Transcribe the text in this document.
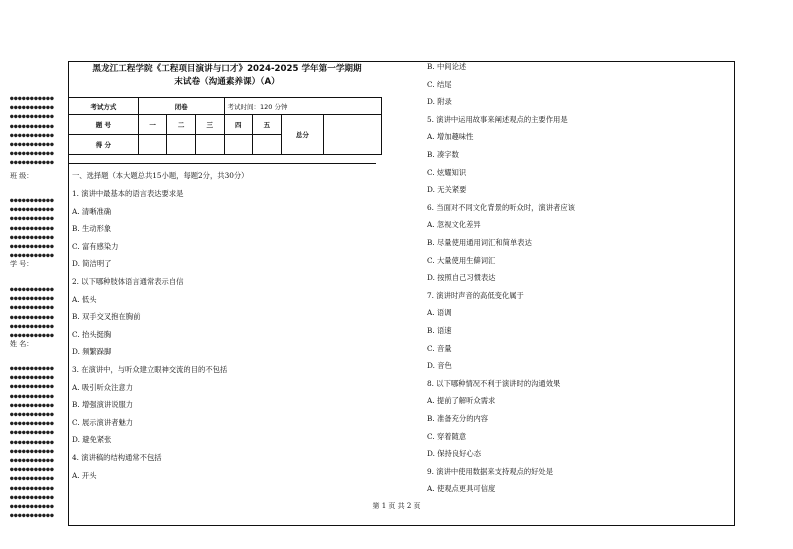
●●●●●●●●●●●
●●●●●●●●●●●
●●●●●●●●●●●
●●●●●●●●●●●
●●●●●●●●●●●
●●●●●●●●●●●
●●●●●●●●●●●
●●●●●●●●●●●
班 级：
●●●●●●●●●●●
●●●●●●●●●●●
●●●●●●●●●●●
●●●●●●●●●●●
●●●●●●●●●●●
●●●●●●●●●●●
●●●●●●●●●●●
学 号：
●●●●●●●●●●●
●●●●●●●●●●●
●●●●●●●●●●●
●●●●●●●●●●●
●●●●●●●●●●●
●●●●●●●●●●●
姓 名：
●●●●●●●●●●●
●●●●●●●●●●●
●●●●●●●●●●●
●●●●●●●●●●●
●●●●●●●●●●●
●●●●●●●●●●●
●●●●●●●●●●●
●●●●●●●●●●●
●●●●●●●●●●●
●●●●●●●●●●●
●●●●●●●●●●●
●●●●●●●●●●●
●●●●●●●●●●●
●●●●●●●●●●●
●●●●●●●●●●●
●●●●●●●●●●●
●●●●●●●●●●●
黑龙江工程学院《工程项目演讲与口才》2024-2025 学年第一学期期
末试卷（沟通素养课）（A）
考试方式	闭卷			考试时间：120 分钟			
题 号	一	二	三	四	五	总分	
得 分							
一、选择题（本大题总共15小题，每题2分，共30分）
1. 演讲中最基本的语言表达要求是
A. 清晰准确
B. 生动形象
C. 富有感染力
D. 简洁明了
2. 以下哪种肢体语言通常表示自信
A. 低头
B. 双手交叉抱在胸前
C. 抬头挺胸
D. 频繁跺脚
3. 在演讲中，与听众建立眼神交流的目的不包括
A. 吸引听众注意力
B. 增强演讲说服力
C. 展示演讲者魅力
D. 避免紧张
4. 演讲稿的结构通常不包括
A. 开头
B. 中间论述
C. 结尾
D. 附录
5. 演讲中运用故事来阐述观点的主要作用是
A. 增加趣味性
B. 凑字数
C. 炫耀知识
D. 无关紧要
6. 当面对不同文化背景的听众时，演讲者应该
A. 忽视文化差异
B. 尽量使用通用词汇和简单表达
C. 大量使用生僻词汇
D. 按照自己习惯表达
7. 演讲时声音的高低变化属于
A. 语调
B. 语速
C. 音量
D. 音色
8. 以下哪种情况不利于演讲时的沟通效果
A. 提前了解听众需求
B. 准备充分的内容
C. 穿着随意
D. 保持良好心态
9. 演讲中使用数据来支持观点的好处是
A. 使观点更具可信度
第 1 页 共 2 页
